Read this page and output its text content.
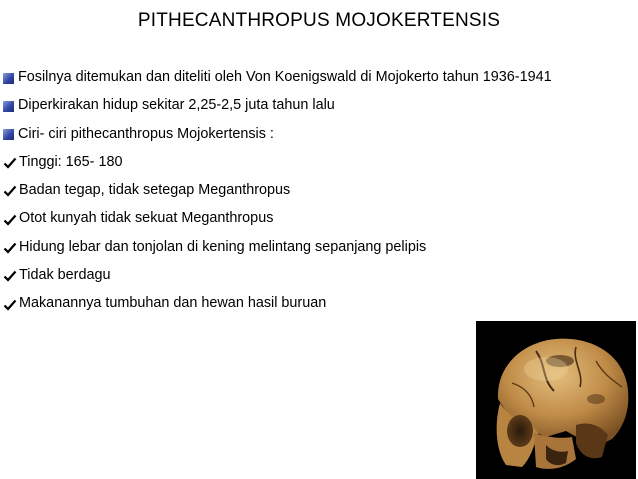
PITHECANTHROPUS MOJOKERTENSIS
Fosilnya ditemukan dan diteliti oleh Von Koenigswald di Mojokerto tahun 1936-1941
Diperkirakan hidup sekitar 2,25-2,5 juta tahun lalu
Ciri- ciri pithecanthropus Mojokertensis :
Tinggi: 165- 180
Badan tegap, tidak setegap Meganthropus
Otot kunyah tidak sekuat Meganthropus
Hidung lebar dan tonjolan di kening melintang sepanjang pelipis
Tidak berdagu
Makanannya tumbuhan dan hewan hasil buruan
